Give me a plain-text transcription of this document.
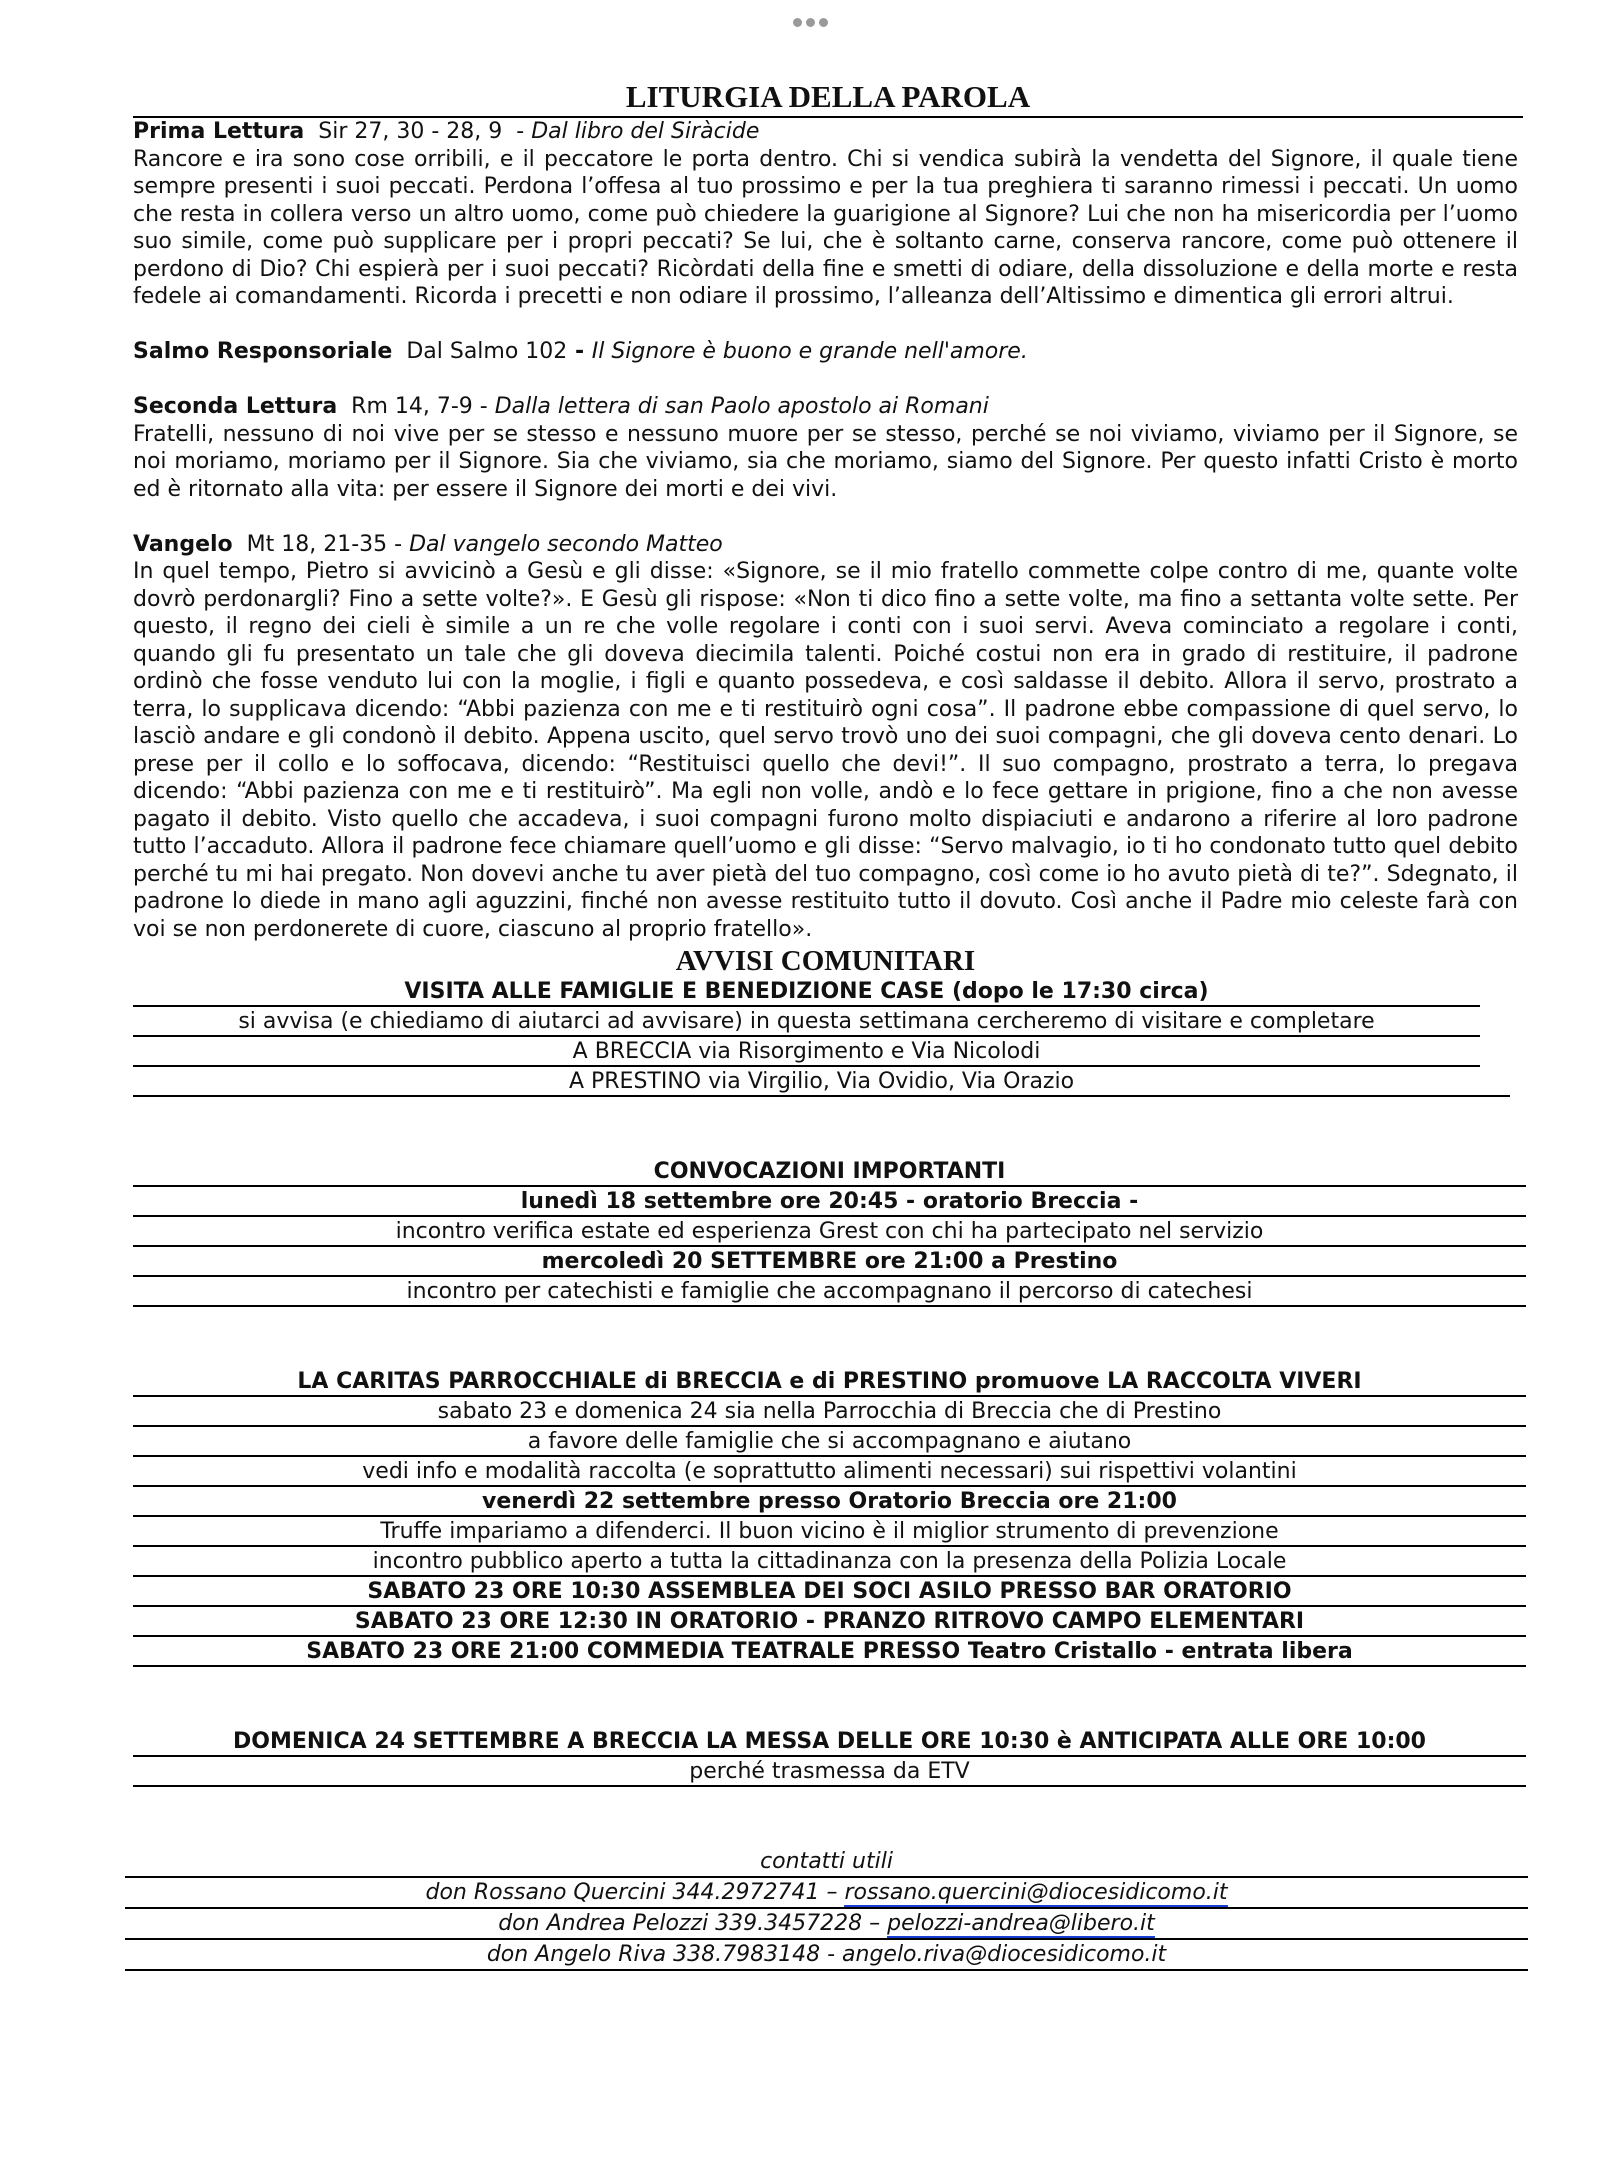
LITURGIA DELLA PAROLA
Prima Lettura Sir 27, 30 - 28, 9  - Dal libro del Siràcide

Rancore e ira sono cose orribili, e il peccatore le porta dentro. Chi si vendica subirà la vendetta del Signore, il quale tiene sempre presenti i suoi peccati. Perdona l’offesa al tuo prossimo e per la tua preghiera ti saranno rimessi i peccati. Un uomo che resta in collera verso un altro uomo, come può chiedere la guarigione al Signore? Lui che non ha misericordia per l’uomo suo simile, come può supplicare per i propri peccati? Se lui, che è soltanto carne, conserva rancore, come può ottenere il perdono di Dio? Chi espierà per i suoi peccati? Ricòrdati della fine e smetti di odiare, della dissoluzione e della morte e resta fedele ai comandamenti. Ricorda i precetti e non odiare il prossimo, l’alleanza dell’Altissimo e dimentica gli errori altrui.

Salmo Responsoriale Dal Salmo 102 - Il Signore è buono e grande nell'amore.
Seconda Lettura Rm 14, 7-9 - Dalla lettera di san Paolo apostolo ai Romani

Fratelli, nessuno di noi vive per se stesso e nessuno muore per se stesso, perché se noi viviamo, viviamo per il Signore, se noi moriamo, moriamo per il Signore. Sia che viviamo, sia che moriamo, siamo del Signore. Per questo infatti Cristo è morto ed è ritornato alla vita: per essere il Signore dei morti e dei vivi.

Vangelo Mt 18, 21-35 - Dal vangelo secondo Matteo

In quel tempo, Pietro si avvicinò a Gesù e gli disse: «Signore, se il mio fratello commette colpe contro di me, quante volte dovrò perdonargli? Fino a sette volte?». E Gesù gli rispose: «Non ti dico fino a sette volte, ma fino a settanta volte sette. Per questo, il regno dei cieli è simile a un re che volle regolare i conti con i suoi servi. Aveva cominciato a regolare i conti, quando gli fu presentato un tale che gli doveva diecimila talenti. Poiché costui non era in grado di restituire, il padrone ordinò che fosse venduto lui con la moglie, i figli e quanto possedeva, e così saldasse il debito. Allora il servo, prostrato a terra, lo supplicava dicendo: “Abbi pazienza con me e ti restituirò ogni cosa”. Il padrone ebbe compassione di quel servo, lo lasciò andare e gli condonò il debito. Appena uscito, quel servo trovò uno dei suoi compagni, che gli doveva cento denari. Lo prese per il collo e lo soffocava, dicendo: “Restituisci quello che devi!”. Il suo compagno, prostrato a terra, lo pregava dicendo: “Abbi pazienza con me e ti restituirò”. Ma egli non volle, andò e lo fece gettare in prigione, fino a che non avesse pagato il debito. Visto quello che accadeva, i suoi compagni furono molto dispiaciuti e andarono a riferire al loro padrone tutto l’accaduto. Allora il padrone fece chiamare quell’uomo e gli disse: “Servo malvagio, io ti ho condonato tutto quel debito perché tu mi hai pregato. Non dovevi anche tu aver pietà del tuo compagno, così come io ho avuto pietà di te?”. Sdegnato, il padrone lo diede in mano agli aguzzini, finché non avesse restituito tutto il dovuto. Così anche il Padre mio celeste farà con voi se non perdonerete di cuore, ciascuno al proprio fratello».

AVVISI COMUNITARI
VISITA ALLE FAMIGLIE E BENEDIZIONE CASE (dopo le 17:30 circa)
si avvisa (e chiediamo di aiutarci ad avvisare) in questa settimana cercheremo di visitare e completare
A BRECCIA via Risorgimento e Via Nicolodi
A PRESTINO via Virgilio, Via Ovidio, Via Orazio
CONVOCAZIONI IMPORTANTI
lunedì 18 settembre ore 20:45 - oratorio Breccia -
incontro verifica estate ed esperienza Grest con chi ha partecipato nel servizio
mercoledì 20 SETTEMBRE ore 21:00 a Prestino
incontro per catechisti e famiglie che accompagnano il percorso di catechesi
LA CARITAS PARROCCHIALE di BRECCIA e di PRESTINO promuove LA RACCOLTA VIVERI
sabato 23 e domenica 24 sia nella Parrocchia di Breccia che di Prestino
a favore delle famiglie che si accompagnano e aiutano
vedi info e modalità raccolta (e soprattutto alimenti necessari) sui rispettivi volantini
venerdì 22 settembre presso Oratorio Breccia ore 21:00
Truffe impariamo a difenderci. Il buon vicino è il miglior strumento di prevenzione
incontro pubblico aperto a tutta la cittadinanza con la presenza della Polizia Locale
SABATO 23 ORE 10:30 ASSEMBLEA DEI SOCI ASILO PRESSO BAR ORATORIO
SABATO 23 ORE 12:30 IN ORATORIO - PRANZO RITROVO CAMPO ELEMENTARI
SABATO 23 ORE 21:00 COMMEDIA TEATRALE PRESSO Teatro Cristallo - entrata libera
DOMENICA 24 SETTEMBRE A BRECCIA LA MESSA DELLE ORE 10:30 è ANTICIPATA ALLE ORE 10:00
perché trasmessa da ETV
contatti utili
don Rossano Quercini 344.2972741 – rossano.quercini@diocesidicomo.it
don Andrea Pelozzi 339.3457228 – pelozzi-andrea@libero.it
don Angelo Riva 338.7983148 - angelo.riva@diocesidicomo.it
